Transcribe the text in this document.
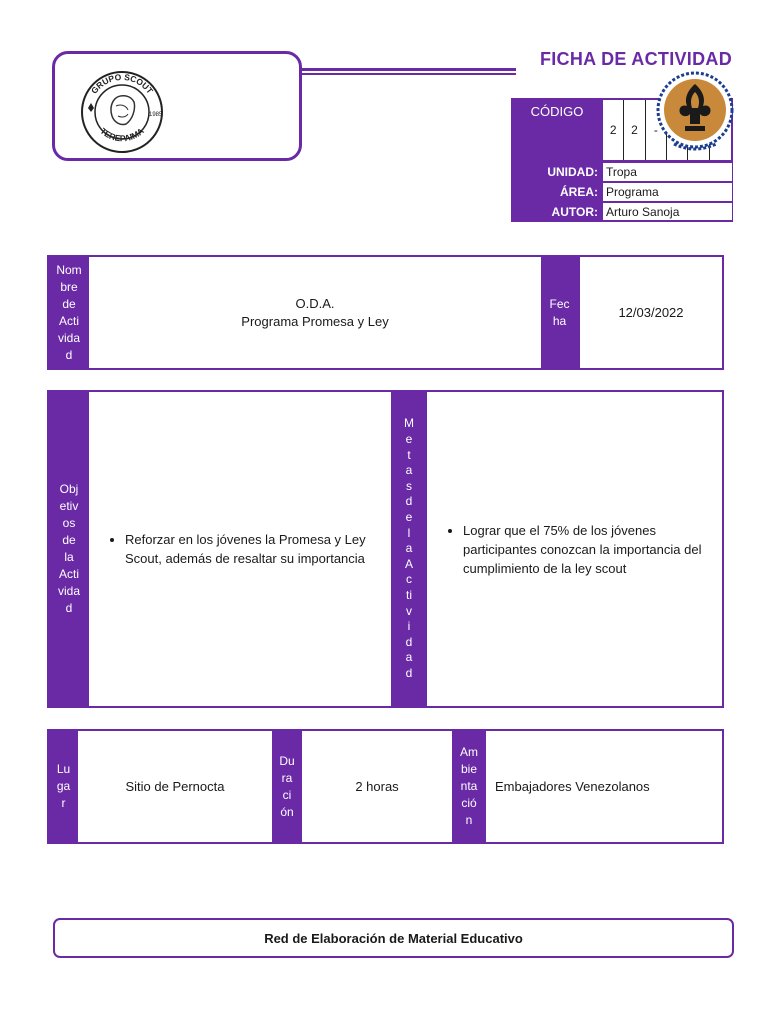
GRUPO SCOUT
TEREPAIMA
1985
FICHA DE ACTIVIDAD
CÓDIGO
2	2	-
UNIDAD: Tropa
ÁREA: Programa
AUTOR: Arturo Sanoja
Nom
bre
de
Acti
vida
d
O.D.A.
Programa Promesa y Ley
Fec
ha
12/03/2022
Obj
etiv
os
de
la
Acti
vida
d
• Reforzar en los jóvenes la Promesa y Ley Scout, además de resaltar su importancia
M
e
t
a
s
d
e
l
a
A
c
ti
v
i
d
a
d
• Lograr que el 75% de los jóvenes participantes conozcan la importancia del cumplimiento de la ley scout
Lu
ga
r
Sitio de Pernocta
Du
ra
ci
ón
2 horas
Am
bie
nta
ció
n
Embajadores Venezolanos
Red de Elaboración de Material Educativo
